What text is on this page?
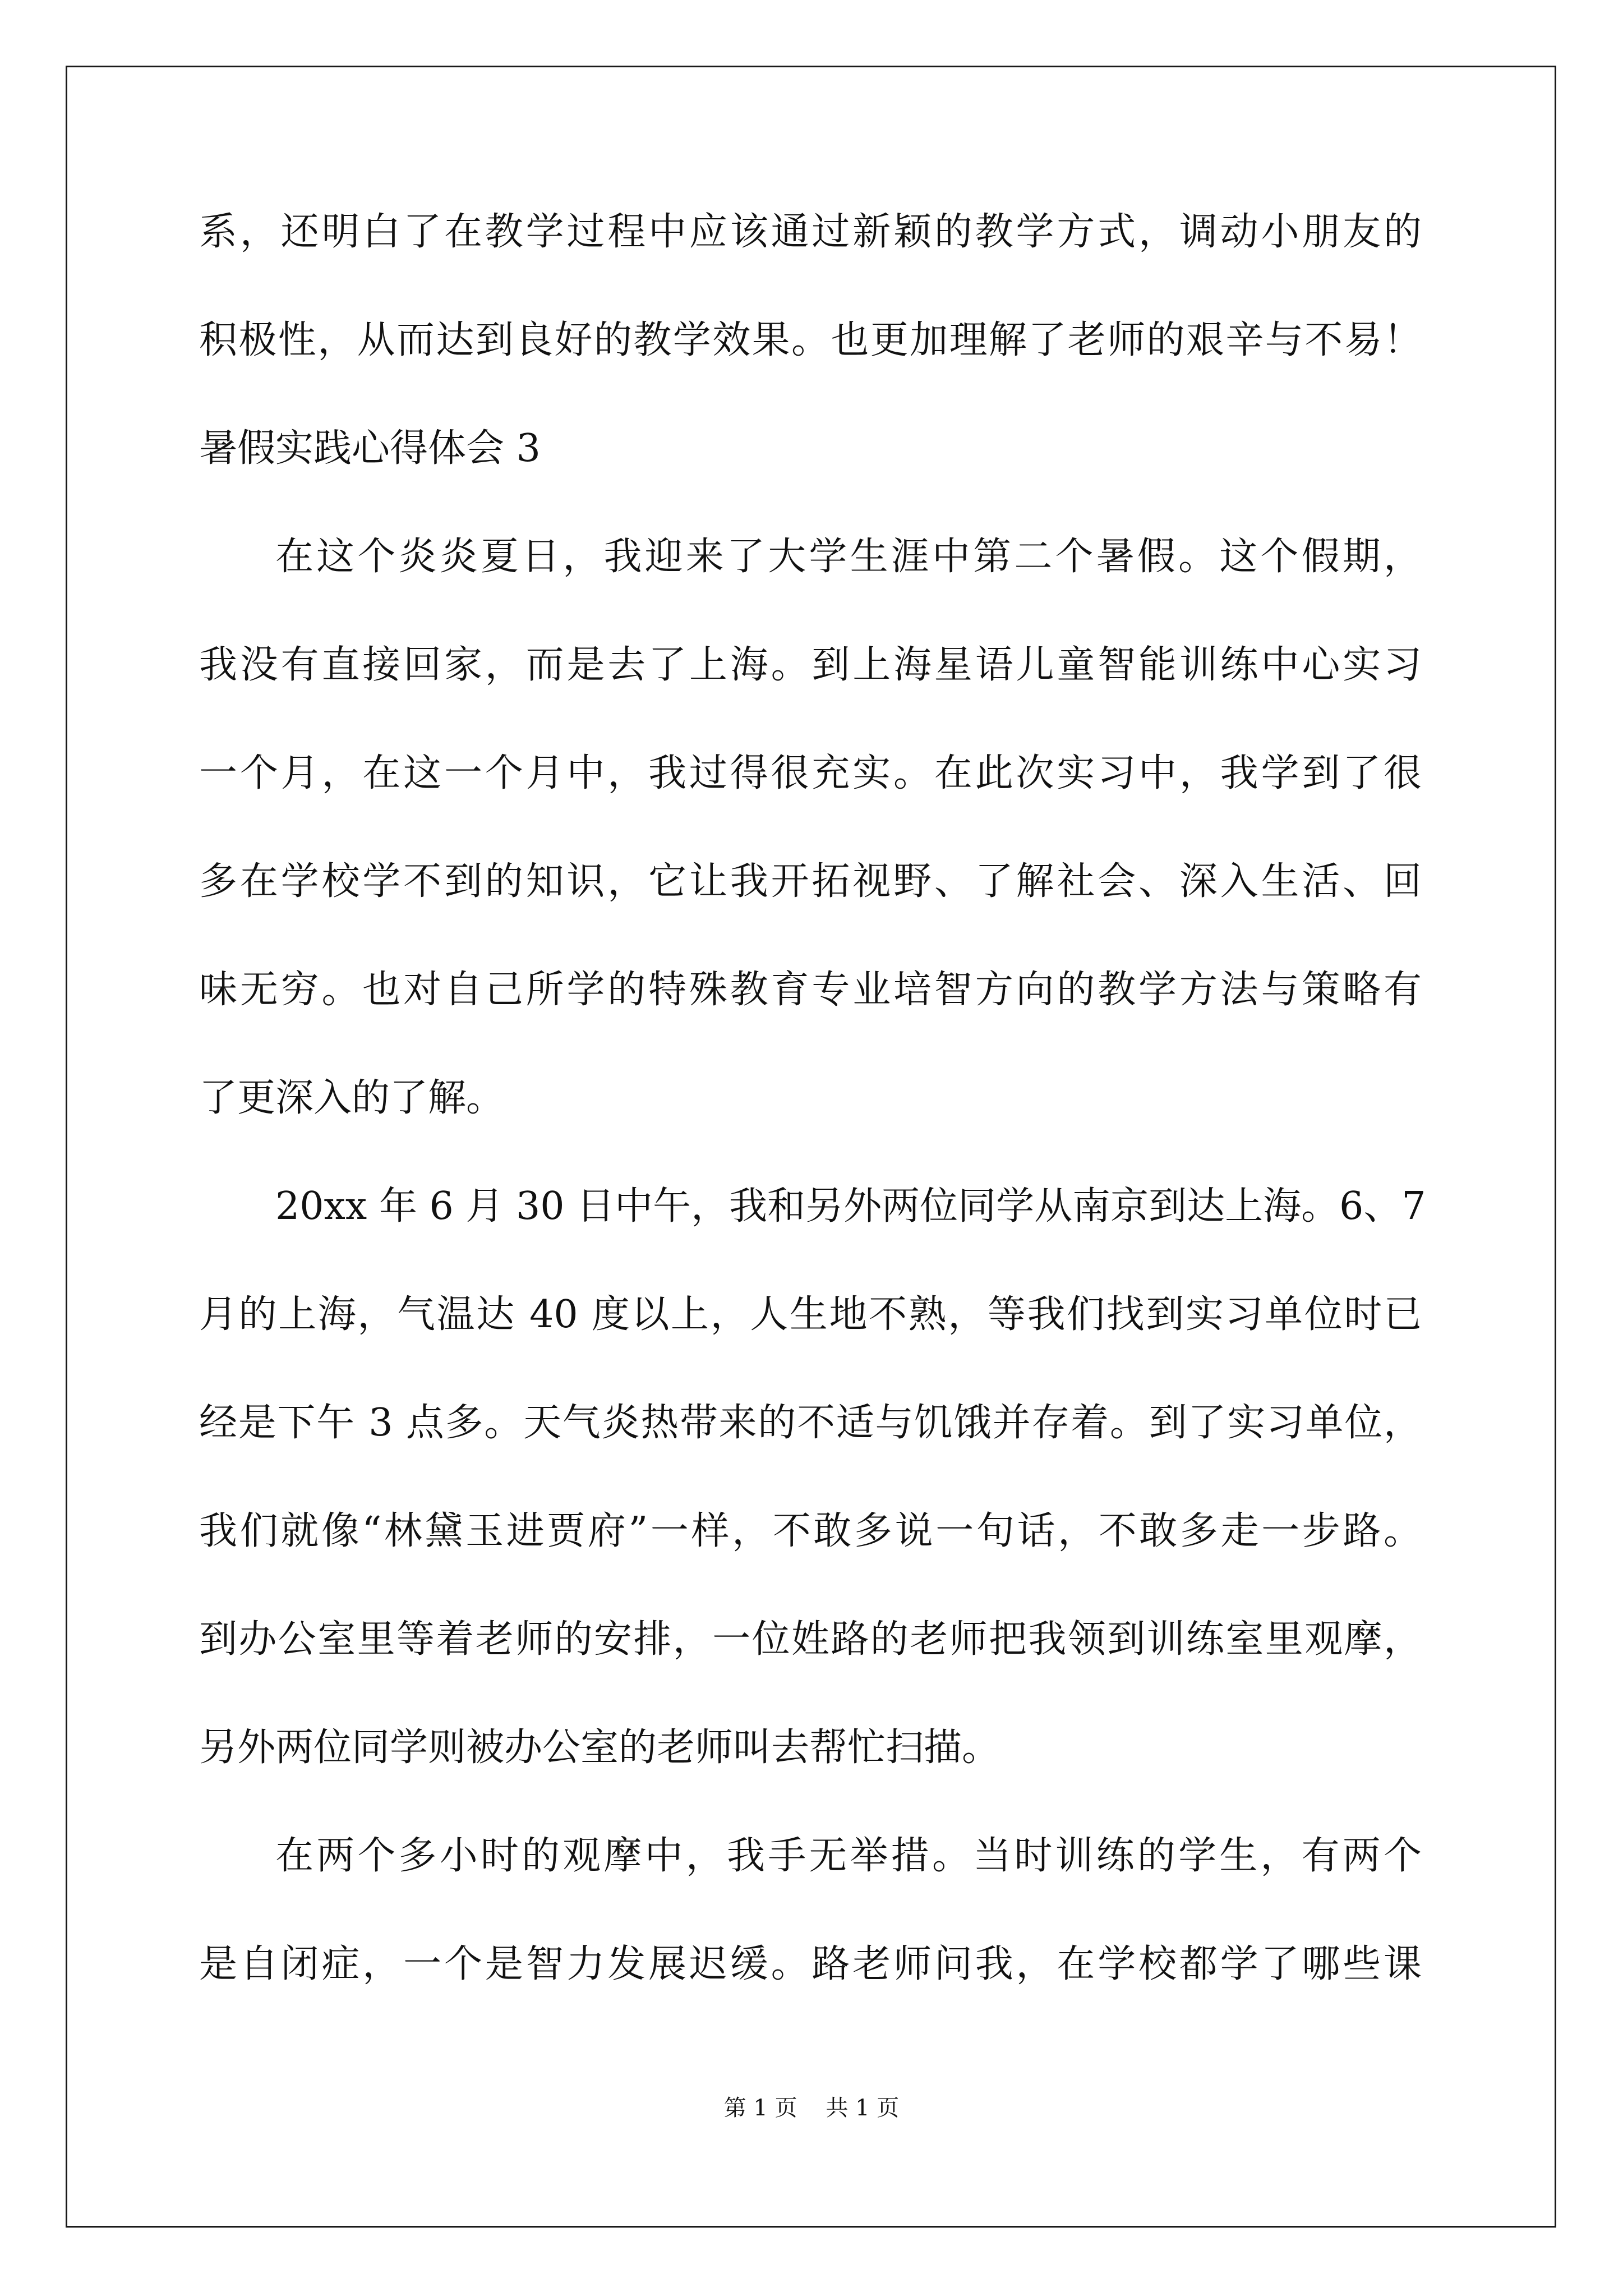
系，还明白了在教学过程中应该通过新颖的教学方式，调动小朋友的
积极性，从而达到良好的教学效果。也更加理解了老师的艰辛与不易！
暑假实践心得体会 3
在这个炎炎夏日，我迎来了大学生涯中第二个暑假。这个假期，
我没有直接回家，而是去了上海。到上海星语儿童智能训练中心实习
一个月，在这一个月中，我过得很充实。在此次实习中，我学到了很
多在学校学不到的知识，它让我开拓视野、了解社会、深入生活、回
味无穷。也对自己所学的特殊教育专业培智方向的教学方法与策略有
了更深入的了解。
20xx 年 6 月 30 日中午，我和另外两位同学从南京到达上海。6、7
月的上海，气温达 40 度以上，人生地不熟，等我们找到实习单位时已
经是下午 3 点多。天气炎热带来的不适与饥饿并存着。到了实习单位，
我们就像“林黛玉进贾府”一样，不敢多说一句话，不敢多走一步路。
到办公室里等着老师的安排，一位姓路的老师把我领到训练室里观摩，
另外两位同学则被办公室的老师叫去帮忙扫描。
在两个多小时的观摩中，我手无举措。当时训练的学生，有两个
是自闭症，一个是智力发展迟缓。路老师问我，在学校都学了哪些课
第 1 页    共 1 页
